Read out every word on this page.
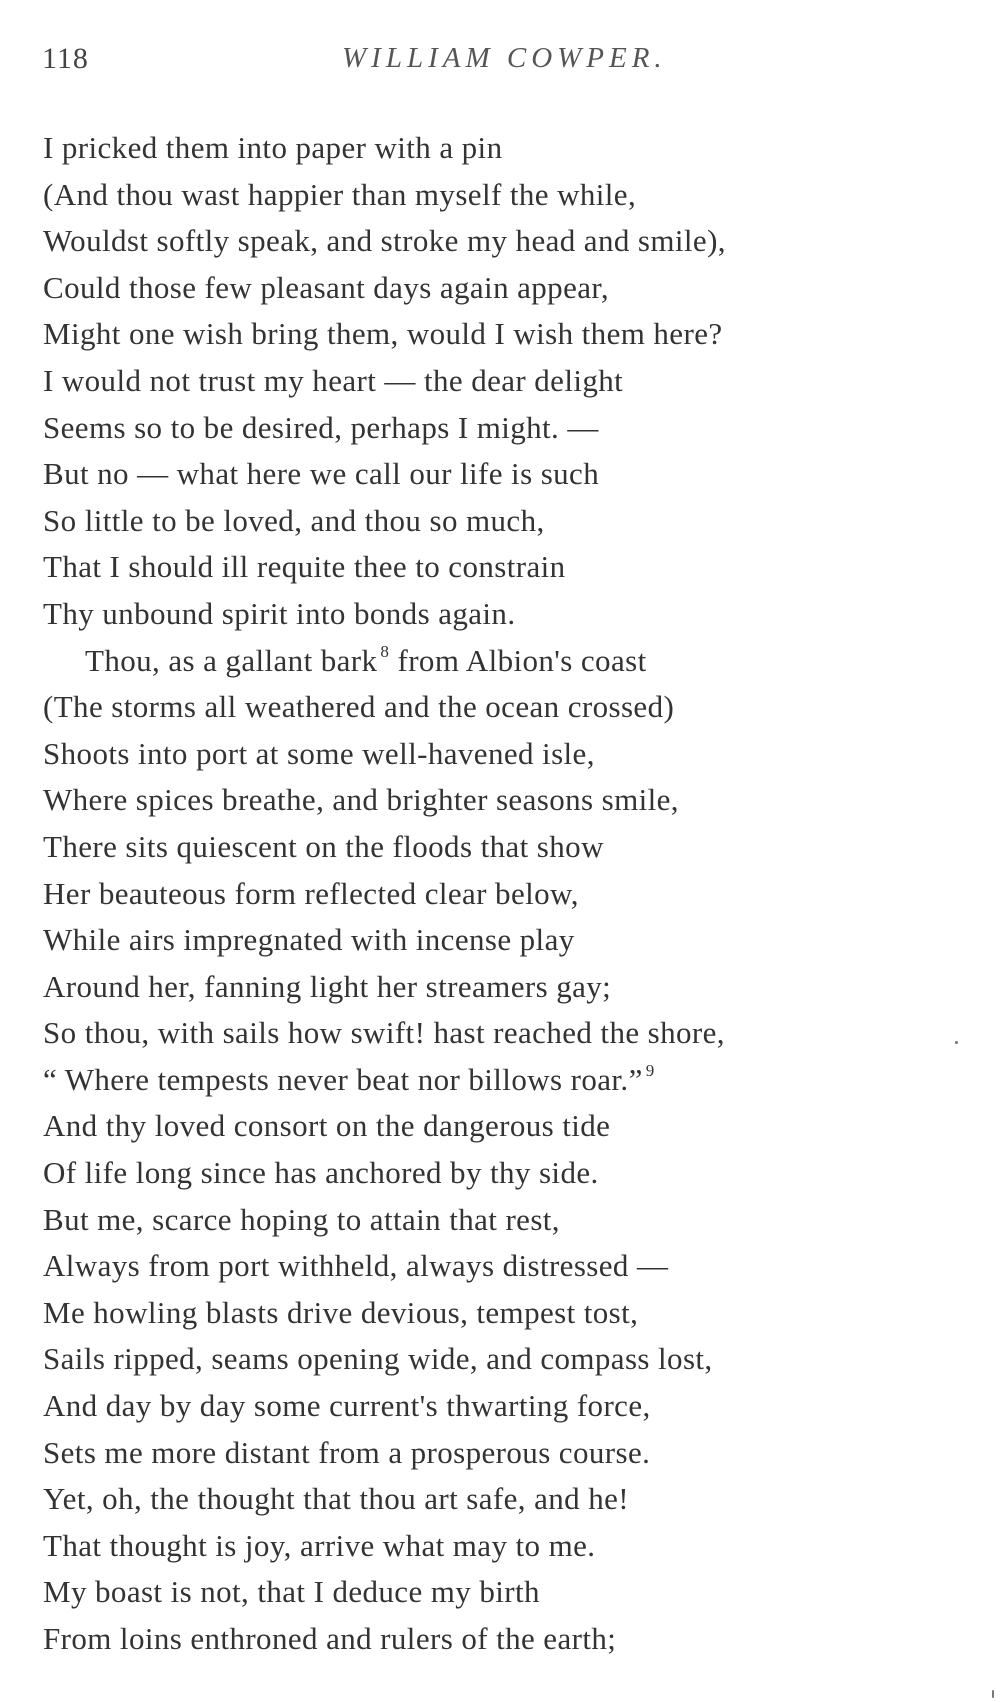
118	WILLIAM COWPER.
I pricked them into paper with a pin
(And thou wast happier than myself the while,
Wouldst softly speak, and stroke my head and smile),
Could those few pleasant days again appear,
Might one wish bring them, would I wish them here?
I would not trust my heart — the dear delight
Seems so to be desired, perhaps I might. —
But no — what here we call our life is such
So little to be loved, and thou so much,
That I should ill requite thee to constrain
Thy unbound spirit into bonds again.
Thou, as a gallant bark $^8$ from Albion's coast
(The storms all weathered and the ocean crossed)
Shoots into port at some well-havened isle,
Where spices breathe, and brighter seasons smile,
There sits quiescent on the floods that show
Her beauteous form reflected clear below,
While airs impregnated with incense play
Around her, fanning light her streamers gay;
So thou, with sails how swift! hast reached the shore,
“ Where tempests never beat nor billows roar.” $^9$
And thy loved consort on the dangerous tide
Of life long since has anchored by thy side.
But me, scarce hoping to attain that rest,
Always from port withheld, always distressed —
Me howling blasts drive devious, tempest tost,
Sails ripped, seams opening wide, and compass lost,
And day by day some current's thwarting force,
Sets me more distant from a prosperous course.
Yet, oh, the thought that thou art safe, and he!
That thought is joy, arrive what may to me.
My boast is not, that I deduce my birth
From loins enthroned and rulers of the earth;
